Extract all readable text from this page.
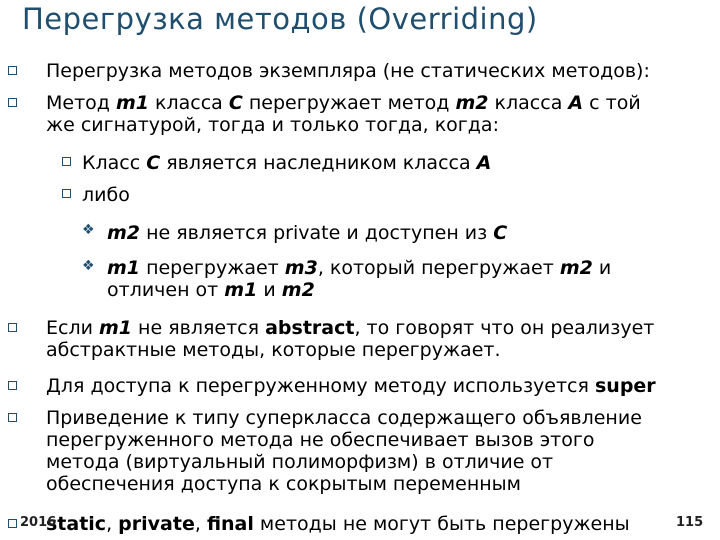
Перегрузка методов (Overriding)
Перегрузка методов экземпляра (не статических методов):
Метод m1 класса C перегружает метод m2 класса A с той
же сигнатурой, тогда и только тогда, когда:
Класс C является наследником класса A
либо
❖ m2 не является private и доступен из C
❖ m1 перегружает m3, который перегружает m2 и
отличен от m1 и m2
Если m1 не является abstract, то говорят что он реализует
абстрактные методы, которые перегружает.
Для доступа к перегруженному методу используется super
Приведение к типу суперкласса содержащего объявление
перегруженного метода не обеспечивает вызов этого
метода (виртуальный полиморфизм) в отличие от
обеспечения доступа к сокрытым переменным
static, private, final методы не могут быть перегружены
2016	115
